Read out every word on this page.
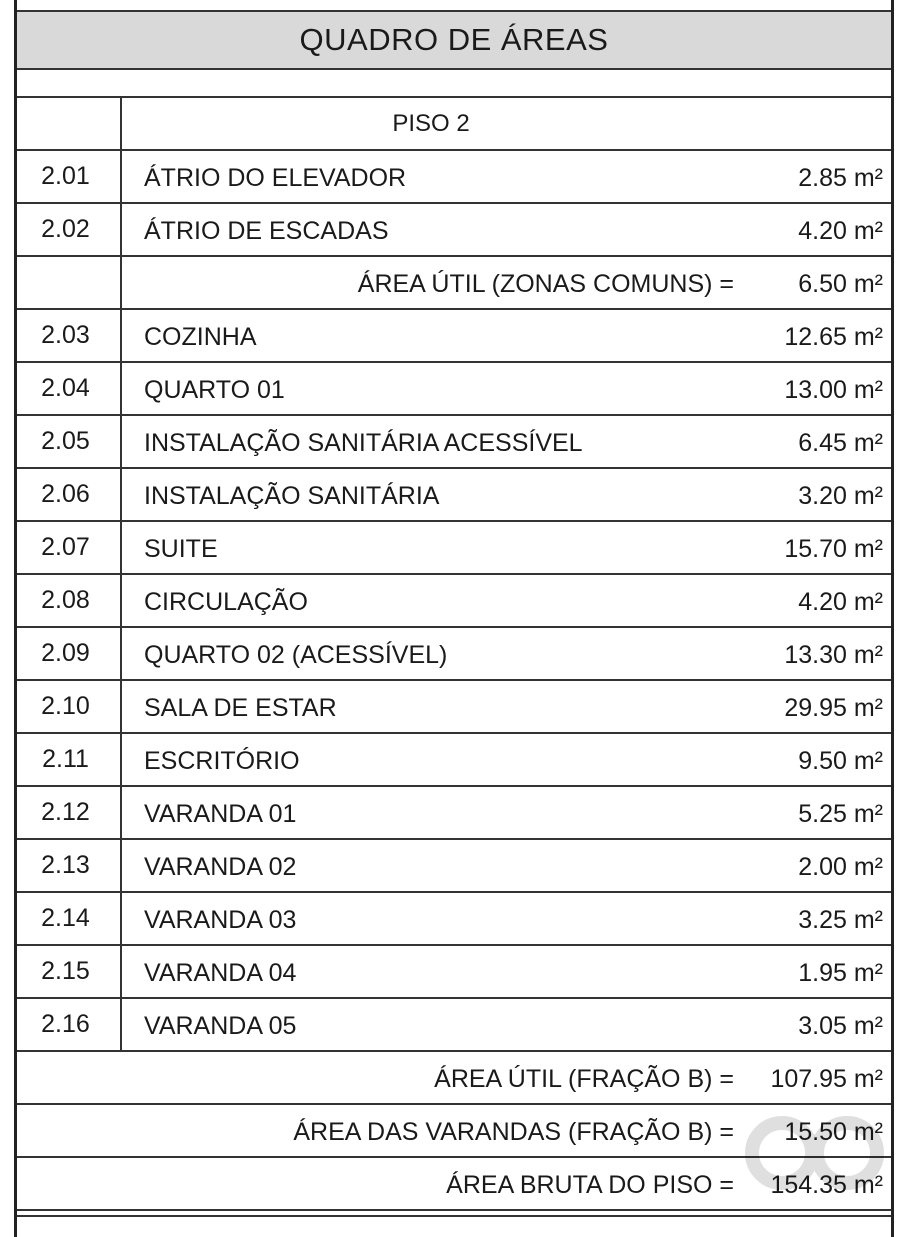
QUADRO DE ÁREAS
PISO 2
2.01	ÁTRIO DO ELEVADOR	2.85 m²
2.02	ÁTRIO DE ESCADAS	4.20 m²
ÁREA ÚTIL (ZONAS COMUNS) =	6.50 m²
2.03	COZINHA	12.65 m²
2.04	QUARTO 01	13.00 m²
2.05	INSTALAÇÃO SANITÁRIA ACESSÍVEL	6.45 m²
2.06	INSTALAÇÃO SANITÁRIA	3.20 m²
2.07	SUITE	15.70 m²
2.08	CIRCULAÇÃO	4.20 m²
2.09	QUARTO 02 (ACESSÍVEL)	13.30 m²
2.10	SALA DE ESTAR	29.95 m²
2.11	ESCRITÓRIO	9.50 m²
2.12	VARANDA 01	5.25 m²
2.13	VARANDA 02	2.00 m²
2.14	VARANDA 03	3.25 m²
2.15	VARANDA 04	1.95 m²
2.16	VARANDA 05	3.05 m²
ÁREA ÚTIL (FRAÇÃO B) =	107.95 m²
ÁREA DAS VARANDAS (FRAÇÃO B) =	15.50 m²
ÁREA BRUTA DO PISO =	154.35 m²
